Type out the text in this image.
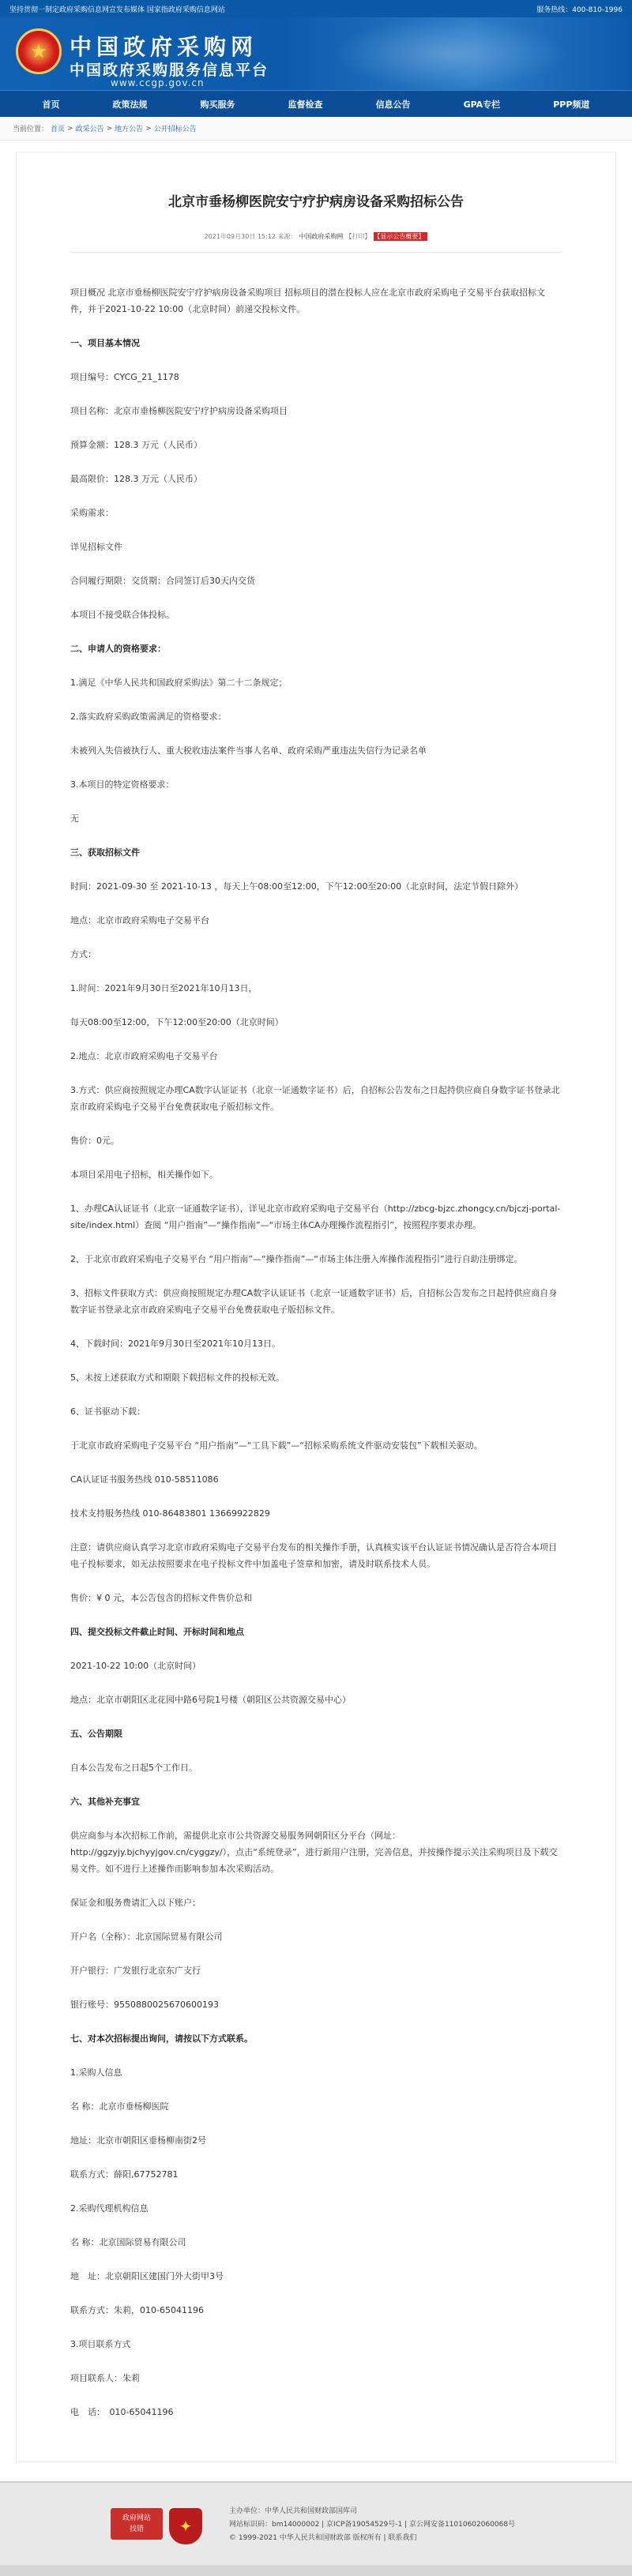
坚持贯彻一制定政府采购信息网宣发布媒体 国家指政府采购信息网站	服务热线：400-810-1996
★	中国政府采购网
中国政府采购服务信息平台
www.ccgp.gov.cn
首页	政策法规	购买服务	监督检查	信息公告	GPA专栏	PPP频道
当前位置： 首页 > 政采公告 > 地方公告 > 公开招标公告
北京市垂杨柳医院安宁疗护病房设备采购招标公告
2021年09月30日 15:12 来源： 中国政府采购网 【打印】 【显示公告概要】

项目概况 北京市垂杨柳医院安宁疗护病房设备采购项目 招标项目的潜在投标人应在北京市政府采购电子交易平台获取招标文件，并于2021-10-22 10:00（北京时间）前递交投标文件。

一、项目基本情况

项目编号：CYCG_21_1178

项目名称：北京市垂杨柳医院安宁疗护病房设备采购项目

预算金额：128.3 万元（人民币）

最高限价：128.3 万元（人民币）

采购需求：

详见招标文件

合同履行期限：交货期：合同签订后30天内交货

本项目不接受联合体投标。

二、申请人的资格要求：

1.满足《中华人民共和国政府采购法》第二十二条规定；

2.落实政府采购政策需满足的资格要求：

未被列入失信被执行人、重大税收违法案件当事人名单、政府采购严重违法失信行为记录名单

3.本项目的特定资格要求：

无

三、获取招标文件

时间：2021-09-30 至 2021-10-13 ，每天上午08:00至12:00，下午12:00至20:00（北京时间，法定节假日除外）

地点：北京市政府采购电子交易平台

方式：

1.时间：2021年9月30日至2021年10月13日，

每天08:00至12:00，下午12:00至20:00（北京时间）

2.地点：北京市政府采购电子交易平台

3.方式：供应商按照规定办理CA数字认证证书（北京一证通数字证书）后，自招标公告发布之日起持供应商自身数字证书登录北京市政府采购电子交易平台免费获取电子版招标文件。

售价：0元。

本项目采用电子招标，相关操作如下。

1、办理CA认证证书（北京一证通数字证书），详见北京市政府采购电子交易平台（http://zbcg-bjzc.zhongcy.cn/bjczj-portal-site/index.html）查阅 “用户指南”—“操作指南”—“市场主体CA办理操作流程指引”，按照程序要求办理。

2、于北京市政府采购电子交易平台 “用户指南”—“操作指南”—“市场主体注册入库操作流程指引”进行自助注册绑定。

3、招标文件获取方式：供应商按照规定办理CA数字认证证书（北京一证通数字证书）后，自招标公告发布之日起持供应商自身数字证书登录北京市政府采购电子交易平台免费获取电子版招标文件。

4、下载时间：2021年9月30日至2021年10月13日。

5、未按上述获取方式和期限下载招标文件的投标无效。

6、证书驱动下载：

于北京市政府采购电子交易平台 “用户指南”—“工具下载”—“招标采购系统文件驱动安装包”下载相关驱动。

CA认证证书服务热线 010-58511086

技术支持服务热线 010-86483801 13669922829

注意：请供应商认真学习北京市政府采购电子交易平台发布的相关操作手册，认真核实该平台认证证书情况确认是否符合本项目电子投标要求，如无法按照要求在电子投标文件中加盖电子签章和加密，请及时联系技术人员。

售价：¥ 0 元，本公告包含的招标文件售价总和

四、提交投标文件截止时间、开标时间和地点

2021-10-22 10:00（北京时间）

地点：北京市朝阳区北花园中路6号院1号楼（朝阳区公共资源交易中心）

五、公告期限

自本公告发布之日起5个工作日。

六、其他补充事宜

供应商参与本次招标工作前，需提供北京市公共资源交易服务网朝阳区分平台（网址：http://ggzyjy.bjchyyjgov.cn/cyggzy/），点击“系统登录”，进行新用户注册，完善信息，并按操作提示关注采购项目及下载交易文件。如不进行上述操作而影响参加本次采购活动。

保证金和服务费请汇入以下账户：

开户名（全称）：北京国际贸易有限公司

开户银行：广发银行北京东广支行

银行账号：9550880025670600193

七、对本次招标提出询问，请按以下方式联系。

1.采购人信息

名 称：北京市垂杨柳医院

地址：北京市朝阳区垂杨柳南街2号

联系方式：薛阳,67752781

2.采购代理机构信息

名 称：北京国际贸易有限公司

地　址：北京朝阳区建国门外大街甲3号

联系方式：朱莉，010-65041196

3.项目联系方式

项目联系人：朱莉

电　话：　010-65041196

政府网站
找错	✦
主办单位：中华人民共和国财政部国库司
网站标识码：bm14000002 | 京ICP备19054529号-1 | 京公网安备11010602060068号
© 1999-2021 中华人民共和国财政部 版权所有 | 联系我们
